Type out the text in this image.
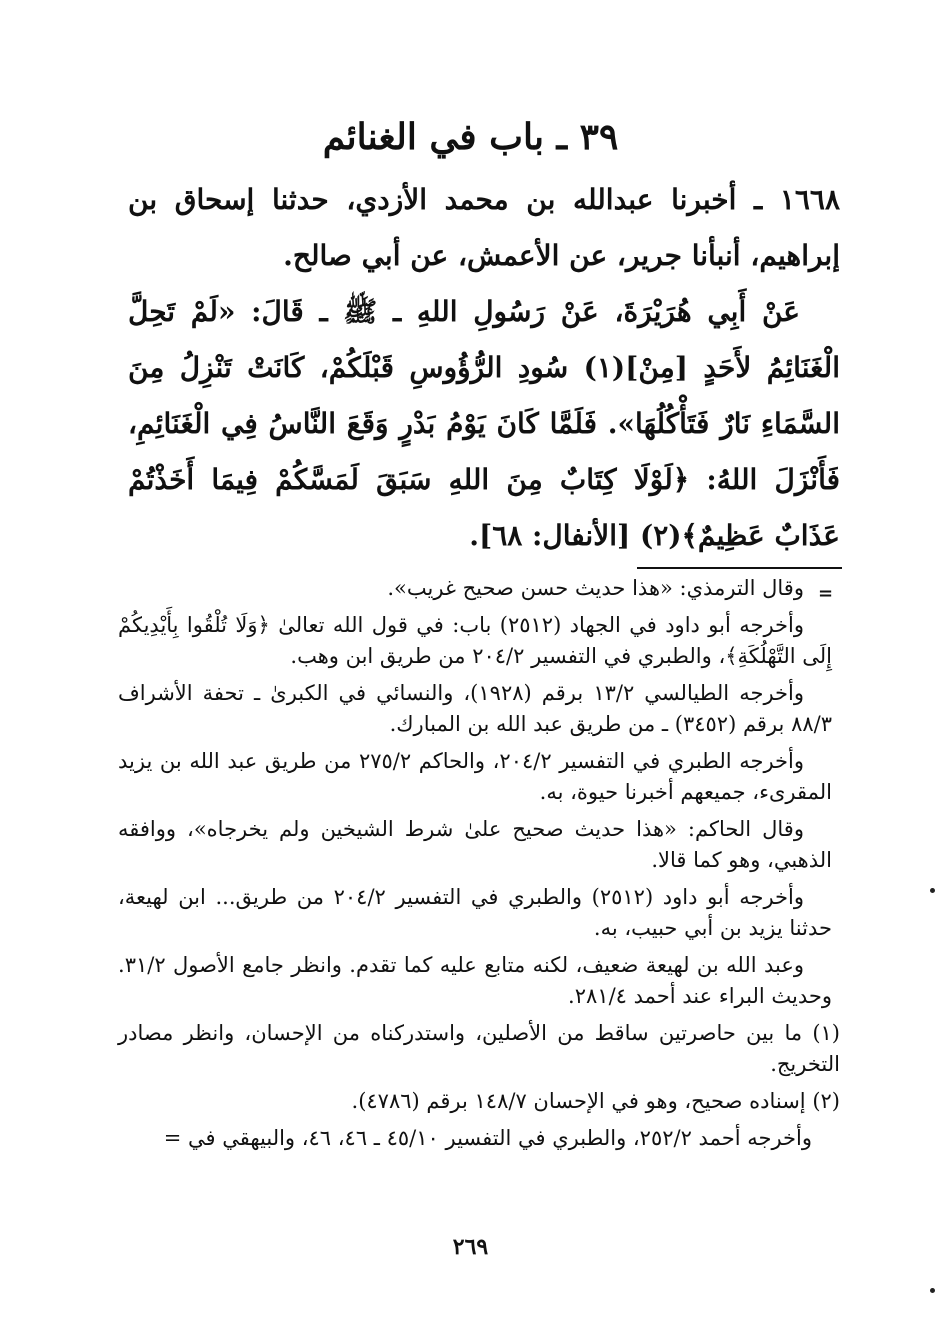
٣٩ ـ باب في الغنائم

١٦٦٨ ـ أخبرنا عبدالله بن محمد الأزدي، حدثنا إسحاق بن

إبراهيم، أنبأنا جرير، عن الأعمش، عن أبي صالح.

عَنْ أَبِي هُرَيْرَةَ، عَنْ رَسُولِ اللهِ ـ ﷺ ـ قَالَ: «لَمْ تَحِلَّ الْغَنَائِمُ لأَحَدٍ [مِنْ](١) سُودِ الرُّؤُوسِ قَبْلَكُمْ، كَانَتْ تَنْزِلُ مِنَ السَّمَاءِ نَارٌ فَتَأْكُلُهَا». فَلَمَّا كَانَ يَوْمُ بَدْرٍ وَقَعَ النَّاسُ فِي الْغَنَائِمِ، فَأَنْزَلَ اللهُ: ﴿لَوْلَا كِتَابٌ مِنَ اللهِ سَبَقَ لَمَسَّكُمْ فِيمَا أَخَذْتُمْ عَذَابٌ عَظِيمٌ﴾(٢) [الأنفال: ٦٨].

=

وقال الترمذي: «هذا حديث حسن صحيح غريب».

وأخرجه أبو داود في الجهاد (٢٥١٢) باب: في قول الله تعالىٰ ﴿وَلَا تُلْقُوا بِأَيْدِيكُمْ إِلَى التَّهْلُكَةِ﴾، والطبري في التفسير ٢٠٤/٢ من طريق ابن وهب.

وأخرجه الطيالسي ١٣/٢ برقم (١٩٢٨)، والنسائي في الكبرىٰ ـ تحفة الأشراف ٨٨/٣ برقم (٣٤٥٢) ـ من طريق عبد الله بن المبارك.

وأخرجه الطبري في التفسير ٢٠٤/٢، والحاكم ٢٧٥/٢ من طريق عبد الله بن يزيد المقرىء، جميعهم أخبرنا حيوة، به.

وقال الحاكم: «هذا حديث صحيح علىٰ شرط الشيخين ولم يخرجاه»، ووافقه الذهبي، وهو كما قالا.

وأخرجه أبو داود (٢٥١٢) والطبري في التفسير ٢٠٤/٢ من طريق... ابن لهيعة، حدثنا يزيد بن أبي حبيب، به.

وعبد الله بن لهيعة ضعيف، لكنه متابع عليه كما تقدم. وانظر جامع الأصول ٣١/٢. وحديث البراء عند أحمد ٢٨١/٤.

(١) ما بين حاصرتين ساقط من الأصلين، واستدركناه من الإحسان، وانظر مصادر التخريج.

(٢) إسناده صحيح، وهو في الإحسان ١٤٨/٧ برقم (٤٧٨٦).

وأخرجه أحمد ٢٥٢/٢، والطبري في التفسير ٤٥/١٠ ـ ٤٦، ٤٦، والبيهقي في =

٢٦٩
